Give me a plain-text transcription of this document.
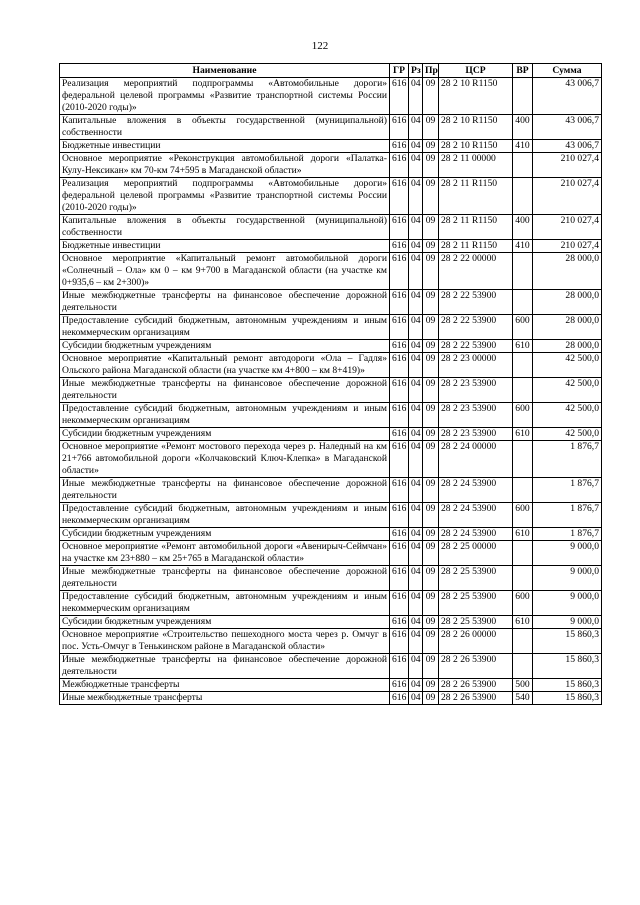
122
Наименование	ГР	Рз	Пр	ЦСР	ВР	Сумма
Реализация мероприятий подпрограммы «Автомобильные дороги» федеральной целевой программы «Развитие транспортной системы России (2010-2020 годы)»	616	04	09	28 2 10 R1150		43 006,7
Капитальные вложения в объекты государственной (муниципальной) собственности	616	04	09	28 2 10 R1150	400	43 006,7
Бюджетные инвестиции	616	04	09	28 2 10 R1150	410	43 006,7
Основное мероприятие «Реконструкция автомобильной дороги «Палатка-Кулу-Нексикан» км 70-км 74+595 в Магаданской области»	616	04	09	28 2 11 00000		210 027,4
Реализация мероприятий подпрограммы «Автомобильные дороги» федеральной целевой программы «Развитие транспортной системы России (2010-2020 годы)»	616	04	09	28 2 11 R1150		210 027,4
Капитальные вложения в объекты государственной (муниципальной) собственности	616	04	09	28 2 11 R1150	400	210 027,4
Бюджетные инвестиции	616	04	09	28 2 11 R1150	410	210 027,4
Основное мероприятие «Капитальный ремонт автомобильной дороги «Солнечный – Ола» км 0 – км 9+700 в Магаданской области (на участке км 0+935,6 – км 2+300)»	616	04	09	28 2 22 00000		28 000,0
Иные межбюджетные трансферты на финансовое обеспечение дорожной деятельности	616	04	09	28 2 22 53900		28 000,0
Предоставление субсидий бюджетным, автономным учреждениям и иным некоммерческим организациям	616	04	09	28 2 22 53900	600	28 000,0
Субсидии бюджетным учреждениям	616	04	09	28 2 22 53900	610	28 000,0
Основное мероприятие «Капитальный ремонт автодороги «Ола – Гадля» Ольского района Магаданской области (на участке км 4+800 – км 8+419)»	616	04	09	28 2 23 00000		42 500,0
Иные межбюджетные трансферты на финансовое обеспечение дорожной деятельности	616	04	09	28 2 23 53900		42 500,0
Предоставление субсидий бюджетным, автономным учреждениям и иным некоммерческим организациям	616	04	09	28 2 23 53900	600	42 500,0
Субсидии бюджетным учреждениям	616	04	09	28 2 23 53900	610	42 500,0
Основное мероприятие «Ремонт мостового перехода через р. Наледный на км 21+766 автомобильной дороги «Колчаковский Ключ-Клепка» в Магаданской области»	616	04	09	28 2 24 00000		1 876,7
Иные межбюджетные трансферты на финансовое обеспечение дорожной деятельности	616	04	09	28 2 24 53900		1 876,7
Предоставление субсидий бюджетным, автономным учреждениям и иным некоммерческим организациям	616	04	09	28 2 24 53900	600	1 876,7
Субсидии бюджетным учреждениям	616	04	09	28 2 24 53900	610	1 876,7
Основное мероприятие «Ремонт автомобильной дороги «Авенирыч-Сеймчан» на участке км 23+880 – км 25+765 в Магаданской области»	616	04	09	28 2 25 00000		9 000,0
Иные межбюджетные трансферты на финансовое обеспечение дорожной деятельности	616	04	09	28 2 25 53900		9 000,0
Предоставление субсидий бюджетным, автономным учреждениям и иным некоммерческим организациям	616	04	09	28 2 25 53900	600	9 000,0
Субсидии бюджетным учреждениям	616	04	09	28 2 25 53900	610	9 000,0
Основное мероприятие «Строительство пешеходного моста через р. Омчуг в пос. Усть-Омчуг в Тенькинском районе в Магаданской области»	616	04	09	28 2 26 00000		15 860,3
Иные межбюджетные трансферты на финансовое обеспечение дорожной деятельности	616	04	09	28 2 26 53900		15 860,3
Межбюджетные трансферты	616	04	09	28 2 26 53900	500	15 860,3
Иные межбюджетные трансферты	616	04	09	28 2 26 53900	540	15 860,3
